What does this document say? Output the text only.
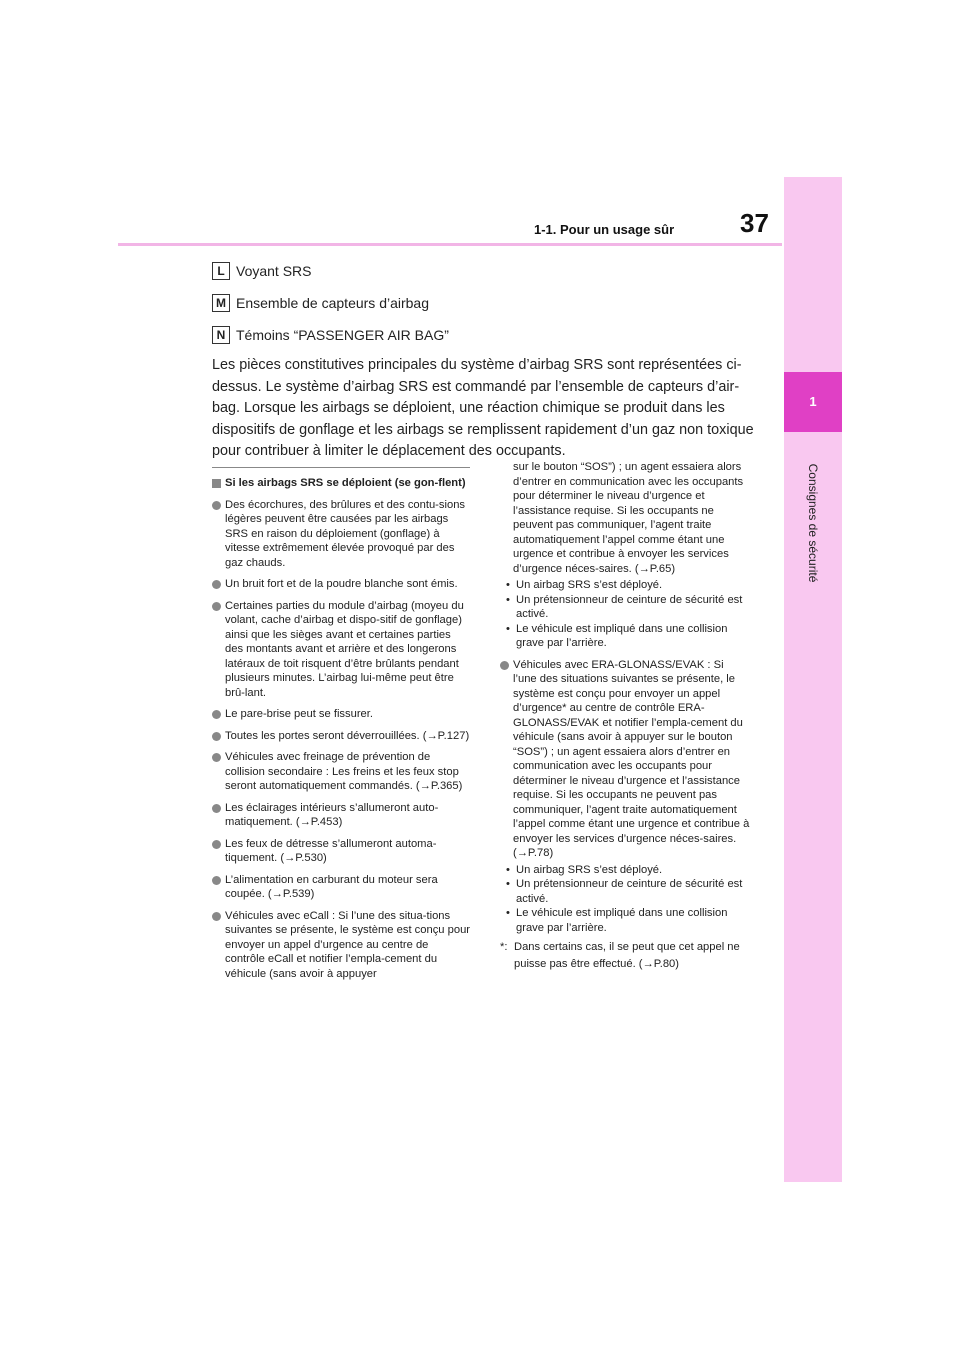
37
1-1. Pour un usage sûr
1
Consignes de sécurité
L Voyant SRS
M Ensemble de capteurs d’airbag
N Témoins “PASSENGER AIR BAG”
Les pièces constitutives principales du système d’airbag SRS sont représentées ci-dessus. Le système d’airbag SRS est commandé par l’ensemble de capteurs d’air-bag. Lorsque les airbags se déploient, une réaction chimique se produit dans les dispositifs de gonflage et les airbags se remplissent rapidement d’un gaz non toxique pour contribuer à limiter le déplacement des occupants.
Si les airbags SRS se déploient (se gon-flent)
Des écorchures, des brûlures et des contu-sions légères peuvent être causées par les airbags SRS en raison du déploiement (gonflage) à vitesse extrêmement élevée provoqué par des gaz chauds.
Un bruit fort et de la poudre blanche sont émis.
Certaines parties du module d’airbag (moyeu du volant, cache d’airbag et dispo-sitif de gonflage) ainsi que les sièges avant et certaines parties des montants avant et arrière et des longerons latéraux de toit risquent d’être brûlants pendant plusieurs minutes. L’airbag lui-même peut être brû-lant.
Le pare-brise peut se fissurer.
Toutes les portes seront déverrouillées. (→P.127)
Véhicules avec freinage de prévention de collision secondaire : Les freins et les feux stop seront automatiquement commandés. (→P.365)
Les éclairages intérieurs s’allumeront auto-matiquement. (→P.453)
Les feux de détresse s’allumeront automa-tiquement. (→P.530)
L’alimentation en carburant du moteur sera coupée. (→P.539)
Véhicules avec eCall : Si l’une des situa-tions suivantes se présente, le système est conçu pour envoyer un appel d’urgence au centre de contrôle eCall et notifier l’empla-cement du véhicule (sans avoir à appuyer
sur le bouton “SOS”) ; un agent essaiera alors d’entrer en communication avec les occupants pour déterminer le niveau d’urgence et l’assistance requise. Si les occupants ne peuvent pas communiquer, l’agent traite automatiquement l’appel comme étant une urgence et contribue à envoyer les services d’urgence néces-saires. (→P.65)
• Un airbag SRS s’est déployé.
• Un prétensionneur de ceinture de sécurité est activé.
• Le véhicule est impliqué dans une collision grave par l’arrière.
Véhicules avec ERA-GLONASS/EVAK : Si l’une des situations suivantes se présente, le système est conçu pour envoyer un appel d’urgence* au centre de contrôle ERA-GLONASS/EVAK et notifier l’empla-cement du véhicule (sans avoir à appuyer sur le bouton “SOS”) ; un agent essaiera alors d’entrer en communication avec les occupants pour déterminer le niveau d’urgence et l’assistance requise. Si les occupants ne peuvent pas communiquer, l’agent traite automatiquement l’appel comme étant une urgence et contribue à envoyer les services d’urgence néces-saires. (→P.78)
• Un airbag SRS s’est déployé.
• Un prétensionneur de ceinture de sécurité est activé.
• Le véhicule est impliqué dans une collision grave par l’arrière.
*: Dans certains cas, il se peut que cet appel ne puisse pas être effectué. (→P.80)
